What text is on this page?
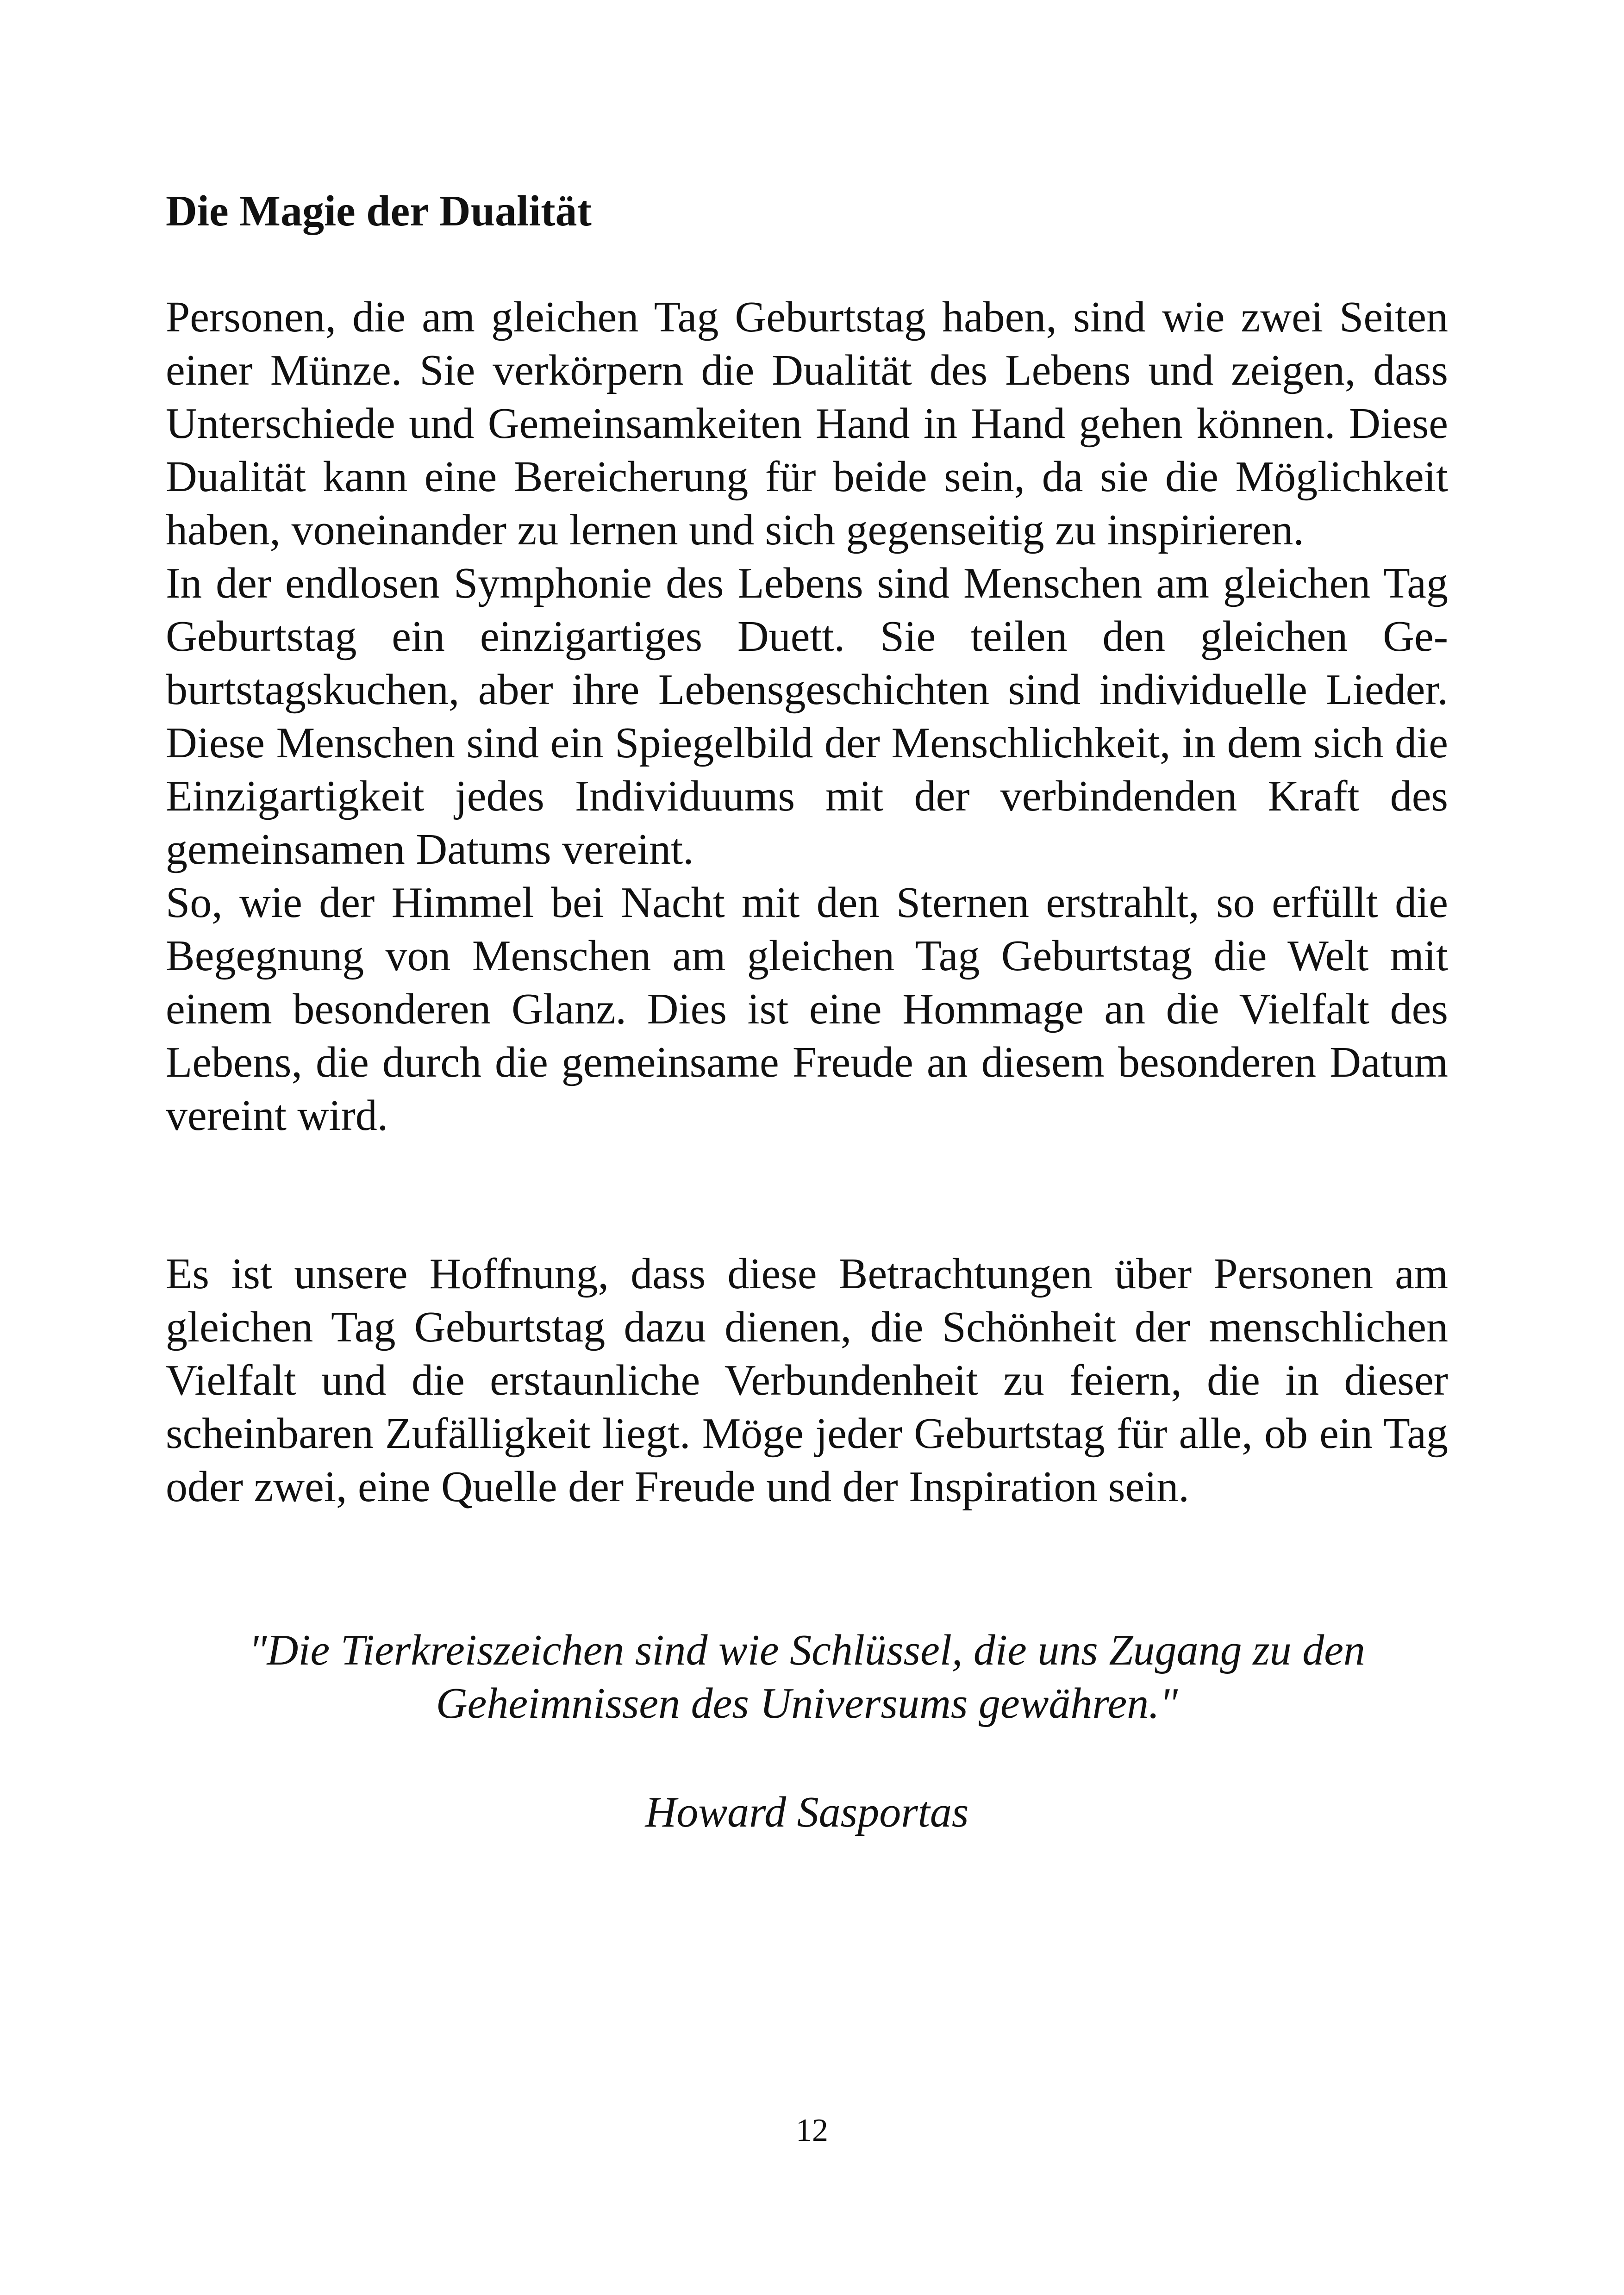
Die Magie der Dualität

Personen, die am gleichen Tag Geburtstag haben, sind wie zwei Seiten einer Münze. Sie verkörpern die Dualität des Lebens und zeigen, dass Unterschiede und Gemeinsamkeiten Hand in Hand gehen können. Diese Dualität kann eine Bereicherung für beide sein, da sie die Möglichkeit haben, voneinander zu lernen und sich gegenseitig zu inspirieren.

In der endlosen Symphonie des Lebens sind Menschen am gleichen Tag Geburtstag ein einzigartiges Duett. Sie teilen den gleichen Geburtstagskuchen, aber ihre Lebensgeschichten sind individuelle Lieder. Diese Menschen sind ein Spiegelbild der Menschlichkeit, in dem sich die Einzigartigkeit jedes Individuums mit der verbindenden Kraft des gemeinsamen Datums vereint.

So, wie der Himmel bei Nacht mit den Sternen erstrahlt, so erfüllt die Begegnung von Menschen am gleichen Tag Geburtstag die Welt mit einem besonderen Glanz. Dies ist eine Hommage an die Vielfalt des Lebens, die durch die gemeinsame Freude an diesem besonderen Datum vereint wird.

Es ist unsere Hoffnung, dass diese Betrachtungen über Personen am gleichen Tag Geburtstag dazu dienen, die Schönheit der menschlichen Vielfalt und die erstaunliche Verbundenheit zu feiern, die in dieser scheinbaren Zufälligkeit liegt. Möge jeder Geburtstag für alle, ob ein Tag oder zwei, eine Quelle der Freude und der Inspiration sein.

"Die Tierkreiszeichen sind wie Schlüssel, die uns Zugang zu den
Geheimnissen des Universums gewähren."
Howard Sasportas
12
